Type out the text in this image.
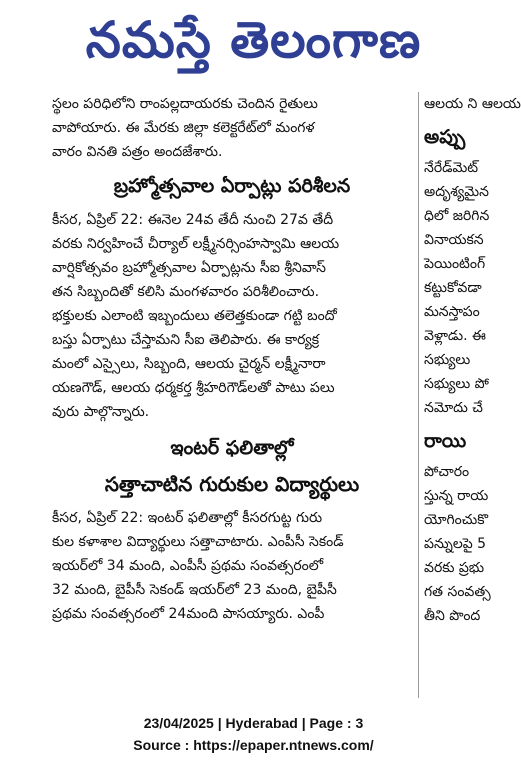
నమస్తే తెలంగాణ
స్థలం పరిధిలోని రాంపల్లదాయరకు చెందిన రైతులు
వాపోయారు. ఈ మేరకు జిల్లా కలెక్టరేట్‌లో మంగళ
వారం వినతి పత్రం అందజేశారు.
బ్రహ్మోత్సవాల ఏర్పాట్లు పరిశీలన
కీసర, ఏప్రిల్ 22: ఈనెల 24వ తేదీ నుంచి 27వ తేదీ
వరకు నిర్వహించే చీర్యాల్ లక్ష్మీనర్సింహస్వామి ఆలయ
వార్షికోత్సవం బ్రహ్మోత్సవాల ఏర్పాట్లను సీఐ శ్రీనివాస్
తన సిబ్బందితో కలిసి మంగళవారం పరిశీలించారు.
భక్తులకు ఎలాంటి ఇబ్బందులు తలెత్తకుండా గట్టి బందో
బస్తు ఏర్పాటు చేస్తామని సీఐ తెలిపారు. ఈ కార్యక్ర
మంలో ఎస్సైలు, సిబ్బంది, ఆలయ చైర్మన్ లక్ష్మీనారా
యణగౌడ్, ఆలయ ధర్మకర్త శ్రీహరిగౌడ్‌లతో పాటు పలు
వురు పాల్గొన్నారు.
ఇంటర్ ఫలితాల్లో
సత్తాచాటిన గురుకుల విద్యార్థులు
కీసర, ఏప్రిల్ 22: ఇంటర్ ఫలితాల్లో కీసరగుట్ట గురు
కుల కళాశాల విద్యార్థులు సత్తాచాటారు. ఎంపీసీ సెకండ్
ఇయర్‌లో 34 మంది, ఎంపీసీ ప్రథమ సంవత్సరంలో
32 మంది, బైపీసీ సెకండ్ ఇయర్‌లో 23 మంది, బైపీసీ
ప్రథమ సంవత్సరంలో 24మంది పాసయ్యారు. ఎంపీ
ఆలయ ని ఆలయ
అప్పు
నేరేడ్‌మెట్
అదృశ్యమైన
ధిలో జరిగిన
వినాయకన
పెయింటింగ్
కట్టుకోవడా
మనస్తాపం
వెళ్లాడు. ఈ
సభ్యులు
సభ్యులు పో
నమోదు చే
రాయి
పోచారం
స్తున్న రాయ
యోగించుకొ
పన్నులపై 5
వరకు ప్రభు
గత సంవత్స
తీని పొంద
23/04/2025 | Hyderabad | Page : 3
Source : https://epaper.ntnews.com/
